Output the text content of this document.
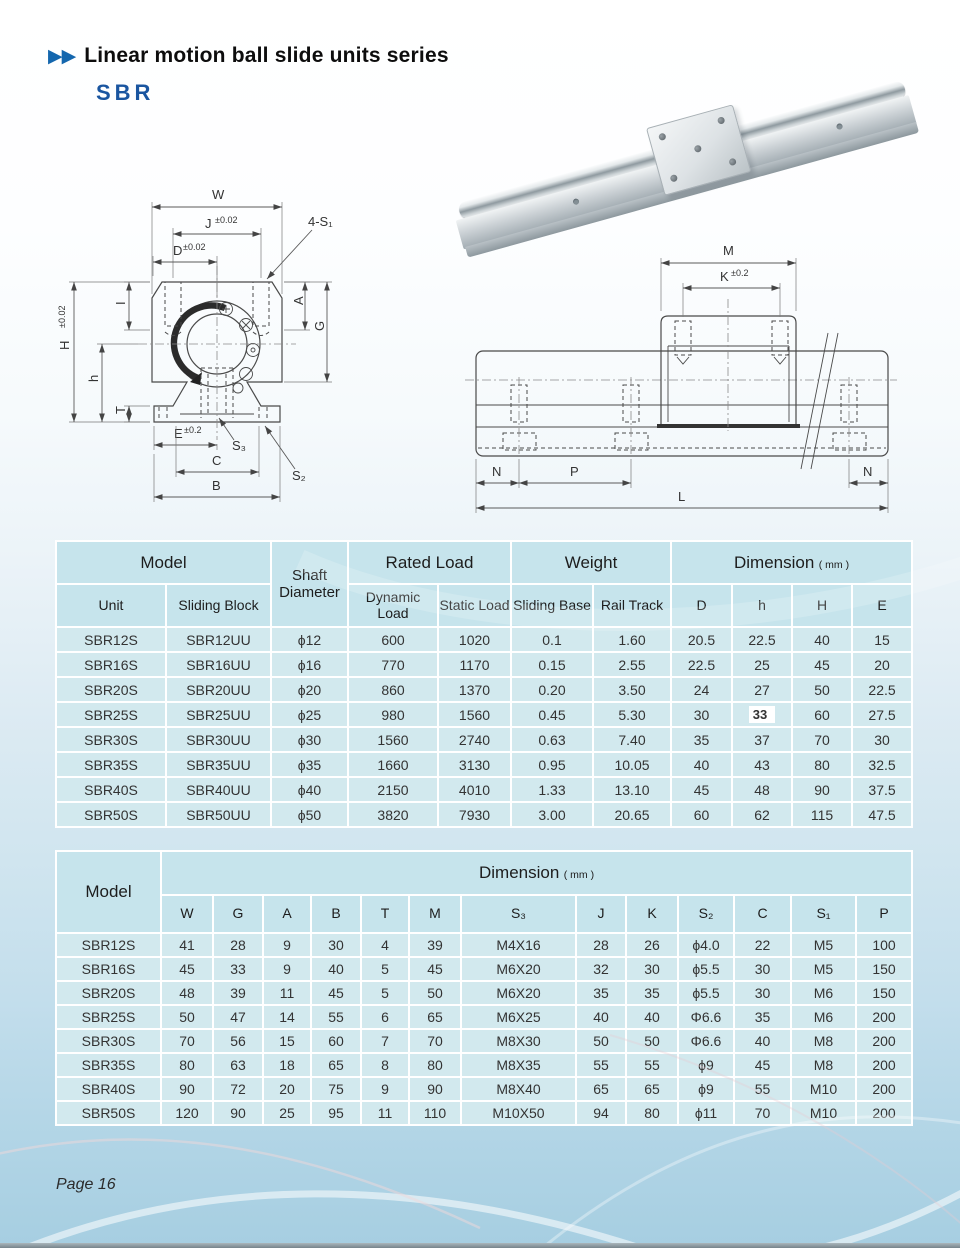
▶▶ Linear motion ball slide units series
SBR
W
J ±0.02
D ±0.02
4-S₁
I	A
G
H
±0.02
h
T
E ±0.2
S₃
C
B
S₂
M
K ±0.2
N	P	N
L
Model		Shaft Diameter	Rated Load		Weight		Dimension ( mm )			
Unit	Sliding Block		Dynamic Load	Static Load	Sliding Base	Rail Track	D	h	H	E
SBR12S	SBR12UU	ϕ12	600	1020	0.1	1.60	20.5	22.5	40	15
SBR16S	SBR16UU	ϕ16	770	1170	0.15	2.55	22.5	25	45	20
SBR20S	SBR20UU	ϕ20	860	1370	0.20	3.50	24	27	50	22.5
SBR25S	SBR25UU	ϕ25	980	1560	0.45	5.30	30	33	60	27.5
SBR30S	SBR30UU	ϕ30	1560	2740	0.63	7.40	35	37	70	30
SBR35S	SBR35UU	ϕ35	1660	3130	0.95	10.05	40	43	80	32.5
SBR40S	SBR40UU	ϕ40	2150	4010	1.33	13.10	45	48	90	37.5
SBR50S	SBR50UU	ϕ50	3820	7930	3.00	20.65	60	62	115	47.5
Model	Dimension ( mm )												
	W	G	A	B	T	M	S₃	J	K	S₂	C	S₁	P
SBR12S	41	28	9	30	4	39	M4X16	28	26	ϕ4.0	22	M5	100
SBR16S	45	33	9	40	5	45	M6X20	32	30	ϕ5.5	30	M5	150
SBR20S	48	39	11	45	5	50	M6X20	35	35	ϕ5.5	30	M6	150
SBR25S	50	47	14	55	6	65	M6X25	40	40	Φ6.6	35	M6	200
SBR30S	70	56	15	60	7	70	M8X30	50	50	Φ6.6	40	M8	200
SBR35S	80	63	18	65	8	80	M8X35	55	55	ϕ9	45	M8	200
SBR40S	90	72	20	75	9	90	M8X40	65	65	ϕ9	55	M10	200
SBR50S	120	90	25	95	11	110	M10X50	94	80	ϕ11	70	M10	200
Page 16
